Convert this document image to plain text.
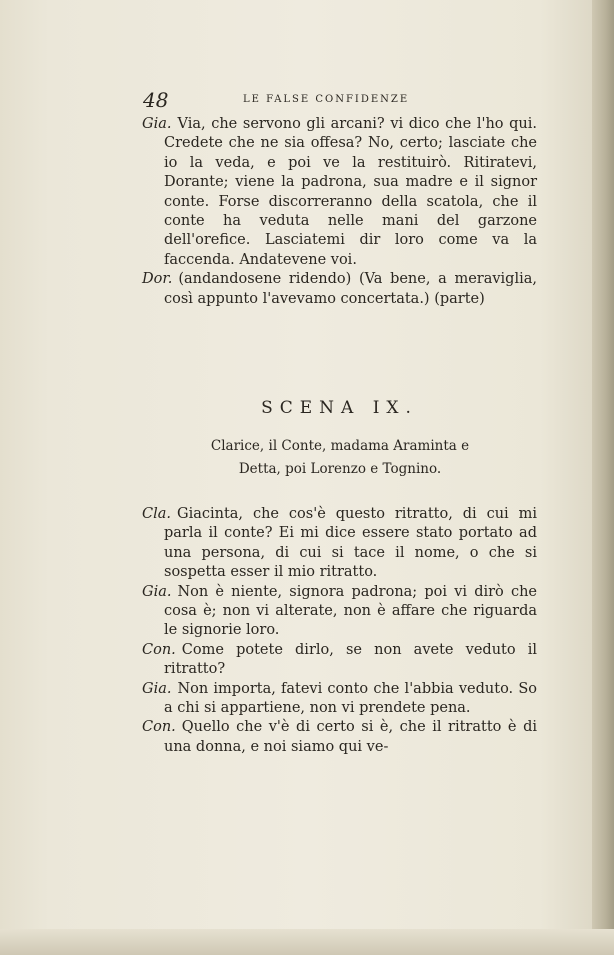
48	LE FALSE CONFIDENZE

Gia. Via, che servono gli arcani? vi dico che l'ho qui. Credete che ne sia offesa? No, certo; lasciate che io la veda, e poi ve la restituirò. Ritiratevi, Dorante; viene la padrona, sua madre e il signor conte. Forse discorreranno della scatola, che il conte ha veduta nelle mani del garzone dell'orefice. Lasciatemi dir loro come va la faccenda. Andatevene voi.

Dor. (andandosene ridendo) (Va bene, a meraviglia, così appunto l'avevamo concertata.) (parte)

SCENA IX.
Clarice, il Conte, madama Araminta e
Detta, poi Lorenzo e Tognino.

Cla. Giacinta, che cos'è questo ritratto, di cui mi parla il conte? Ei mi dice essere stato portato ad una persona, di cui si tace il nome, o che si sospetta esser il mio ritratto.

Gia. Non è niente, signora padrona; poi vi dirò che cosa è; non vi alterate, non è affare che riguarda le signorie loro.

Con. Come potete dirlo, se non avete veduto il ritratto?

Gia. Non importa, fatevi conto che l'abbia veduto. So a chi si appartiene, non vi prendete pena.

Con. Quello che v'è di certo si è, che il ritratto è di una donna, e noi siamo qui ve-
